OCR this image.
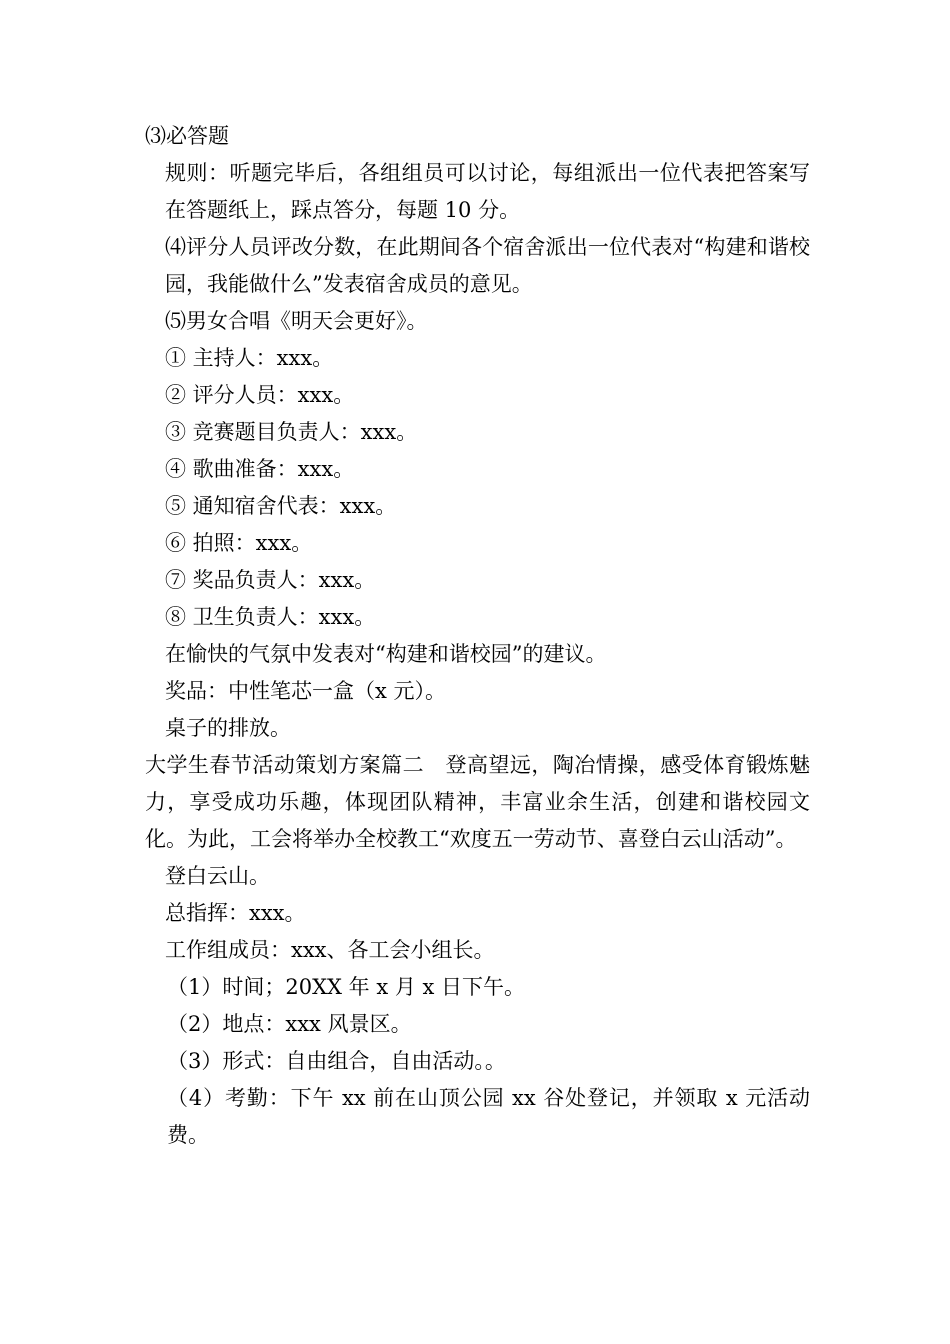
⑶必答题
规则：听题完毕后，各组组员可以讨论，每组派出一位代表把答案写在答题纸上，踩点答分，每题 10 分。
⑷评分人员评改分数，在此期间各个宿舍派出一位代表对“构建和谐校园，我能做什么”发表宿舍成员的意见。
⑸男女合唱《明天会更好》。
① 主持人：xxx。
② 评分人员：xxx。
③ 竞赛题目负责人：xxx。
④ 歌曲准备：xxx。
⑤ 通知宿舍代表：xxx。
⑥ 拍照：xxx。
⑦ 奖品负责人：xxx。
⑧ 卫生负责人：xxx。
在愉快的气氛中发表对“构建和谐校园”的建议。
奖品：中性笔芯一盒（x 元）。
桌子的排放。
大学生春节活动策划方案篇二　登高望远，陶冶情操，感受体育锻炼魅力，享受成功乐趣，体现团队精神，丰富业余生活，创建和谐校园文化。为此，工会将举办全校教工“欢度五一劳动节、喜登白云山活动”。
登白云山。
总指挥：xxx。
工作组成员：xxx、各工会小组长。
（1）时间；20XX 年 x 月 x 日下午。
（2）地点：xxx 风景区。
（3）形式：自由组合，自由活动。。
（4）考勤：下午 xx 前在山顶公园 xx 谷处登记，并领取 x 元活动费。
